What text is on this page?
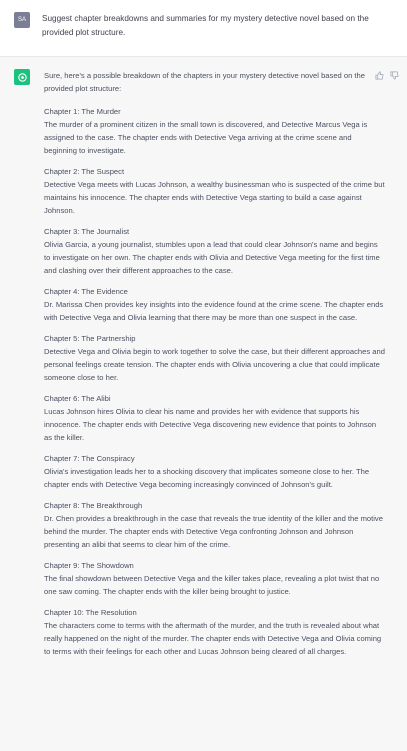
SA	Suggest chapter breakdowns and summaries for my mystery detective novel based on the provided plot structure.

Sure, here's a possible breakdown of the chapters in your mystery detective novel based on the provided plot structure:

Chapter 1: The Murder
The murder of a prominent citizen in the small town is discovered, and Detective Marcus Vega is assigned to the case. The chapter ends with Detective Vega arriving at the crime scene and beginning to investigate.
Chapter 2: The Suspect
Detective Vega meets with Lucas Johnson, a wealthy businessman who is suspected of the crime but maintains his innocence. The chapter ends with Detective Vega starting to build a case against Johnson.
Chapter 3: The Journalist
Olivia Garcia, a young journalist, stumbles upon a lead that could clear Johnson's name and begins to investigate on her own. The chapter ends with Olivia and Detective Vega meeting for the first time and clashing over their different approaches to the case.
Chapter 4: The Evidence
Dr. Marissa Chen provides key insights into the evidence found at the crime scene. The chapter ends with Detective Vega and Olivia learning that there may be more than one suspect in the case.
Chapter 5: The Partnership
Detective Vega and Olivia begin to work together to solve the case, but their different approaches and personal feelings create tension. The chapter ends with Olivia uncovering a clue that could implicate someone close to her.
Chapter 6: The Alibi
Lucas Johnson hires Olivia to clear his name and provides her with evidence that supports his innocence. The chapter ends with Detective Vega discovering new evidence that points to Johnson as the killer.
Chapter 7: The Conspiracy
Olivia's investigation leads her to a shocking discovery that implicates someone close to her. The chapter ends with Detective Vega becoming increasingly convinced of Johnson's guilt.
Chapter 8: The Breakthrough
Dr. Chen provides a breakthrough in the case that reveals the true identity of the killer and the motive behind the murder. The chapter ends with Detective Vega confronting Johnson and Johnson presenting an alibi that seems to clear him of the crime.
Chapter 9: The Showdown
The final showdown between Detective Vega and the killer takes place, revealing a plot twist that no one saw coming. The chapter ends with the killer being brought to justice.
Chapter 10: The Resolution
The characters come to terms with the aftermath of the murder, and the truth is revealed about what really happened on the night of the murder. The chapter ends with Detective Vega and Olivia coming to terms with their feelings for each other and Lucas Johnson being cleared of all charges.
